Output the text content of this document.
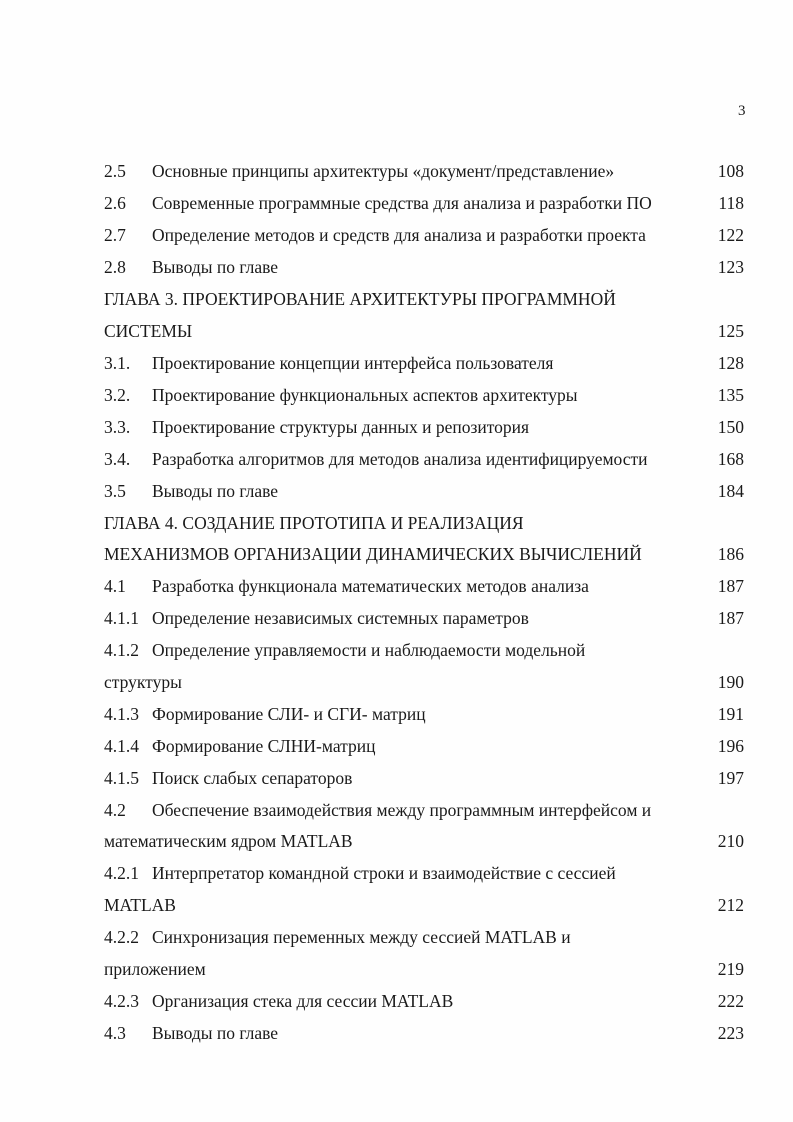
3
2.5 Основные принципы архитектуры «документ/представление»	108
2.6 Современные программные средства для анализа и разработки ПО	118
2.7 Определение методов и средств для анализа и разработки проекта	122
2.8 Выводы по главе	123
ГЛАВА 3. ПРОЕКТИРОВАНИЕ АРХИТЕКТУРЫ ПРОГРАММНОЙ
СИСТЕМЫ	125
3.1. Проектирование концепции интерфейса пользователя	128
3.2. Проектирование функциональных аспектов архитектуры	135
3.3. Проектирование структуры данных и репозитория	150
3.4. Разработка алгоритмов для методов анализа идентифицируемости	168
3.5 Выводы по главе	184
ГЛАВА 4. СОЗДАНИЕ ПРОТОТИПА И РЕАЛИЗАЦИЯ
МЕХАНИЗМОВ ОРГАНИЗАЦИИ ДИНАМИЧЕСКИХ ВЫЧИСЛЕНИЙ	186
4.1 Разработка функционала математических методов анализа	187
4.1.1 Определение независимых системных параметров	187
4.1.2 Определение управляемости и наблюдаемости модельной
структуры	190
4.1.3 Формирование СЛИ- и СГИ- матриц	191
4.1.4 Формирование СЛНИ-матриц	196
4.1.5 Поиск слабых сепараторов	197
4.2 Обеспечение взаимодействия между программным интерфейсом и
математическим ядром MATLAB	210
4.2.1 Интерпретатор командной строки и взаимодействие с сессией
MATLAB	212
4.2.2 Синхронизация переменных между сессией MATLAB и
приложением	219
4.2.3 Организация стека для сессии MATLAB	222
4.3 Выводы по главе	223
